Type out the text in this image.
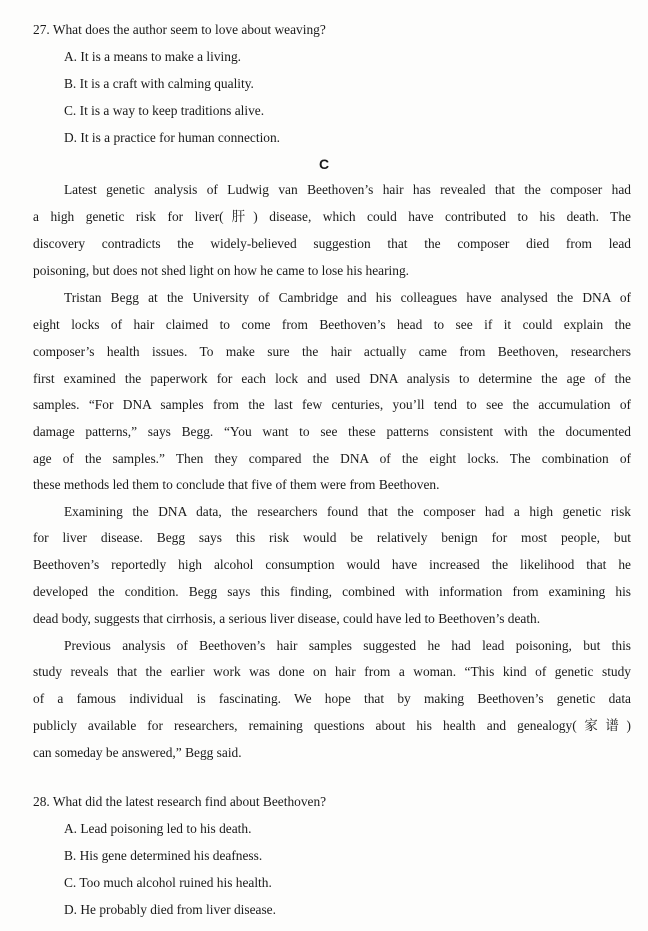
27. What does the author seem to love about weaving?
A. It is a means to make a living.
B. It is a craft with calming quality.
C. It is a way to keep traditions alive.
D. It is a practice for human connection.
C
Latest genetic analysis of Ludwig van Beethoven’s hair has revealed that the composer had
a high genetic risk for liver(肝) disease, which could have contributed to his death. The
discovery contradicts the widely-believed suggestion that the composer died from lead
poisoning, but does not shed light on how he came to lose his hearing.
Tristan Begg at the University of Cambridge and his colleagues have analysed the DNA of
eight locks of hair claimed to come from Beethoven’s head to see if it could explain the
composer’s health issues. To make sure the hair actually came from Beethoven, researchers
first examined the paperwork for each lock and used DNA analysis to determine the age of the
samples. “For DNA samples from the last few centuries, you’ll tend to see the accumulation of
damage patterns,” says Begg. “You want to see these patterns consistent with the documented
age of the samples.” Then they compared the DNA of the eight locks. The combination of
these methods led them to conclude that five of them were from Beethoven.
Examining the DNA data, the researchers found that the composer had a high genetic risk
for liver disease. Begg says this risk would be relatively benign for most people, but
Beethoven’s reportedly high alcohol consumption would have increased the likelihood that he
developed the condition. Begg says this finding, combined with information from examining his
dead body, suggests that cirrhosis, a serious liver disease, could have led to Beethoven’s death.
Previous analysis of Beethoven’s hair samples suggested he had lead poisoning, but this
study reveals that the earlier work was done on hair from a woman. “This kind of genetic study
of a famous individual is fascinating. We hope that by making Beethoven’s genetic data
publicly available for researchers, remaining questions about his health and genealogy(家谱)
can someday be answered,” Begg said.
28. What did the latest research find about Beethoven?
A. Lead poisoning led to his death.
B. His gene determined his deafness.
C. Too much alcohol ruined his health.
D. He probably died from liver disease.
